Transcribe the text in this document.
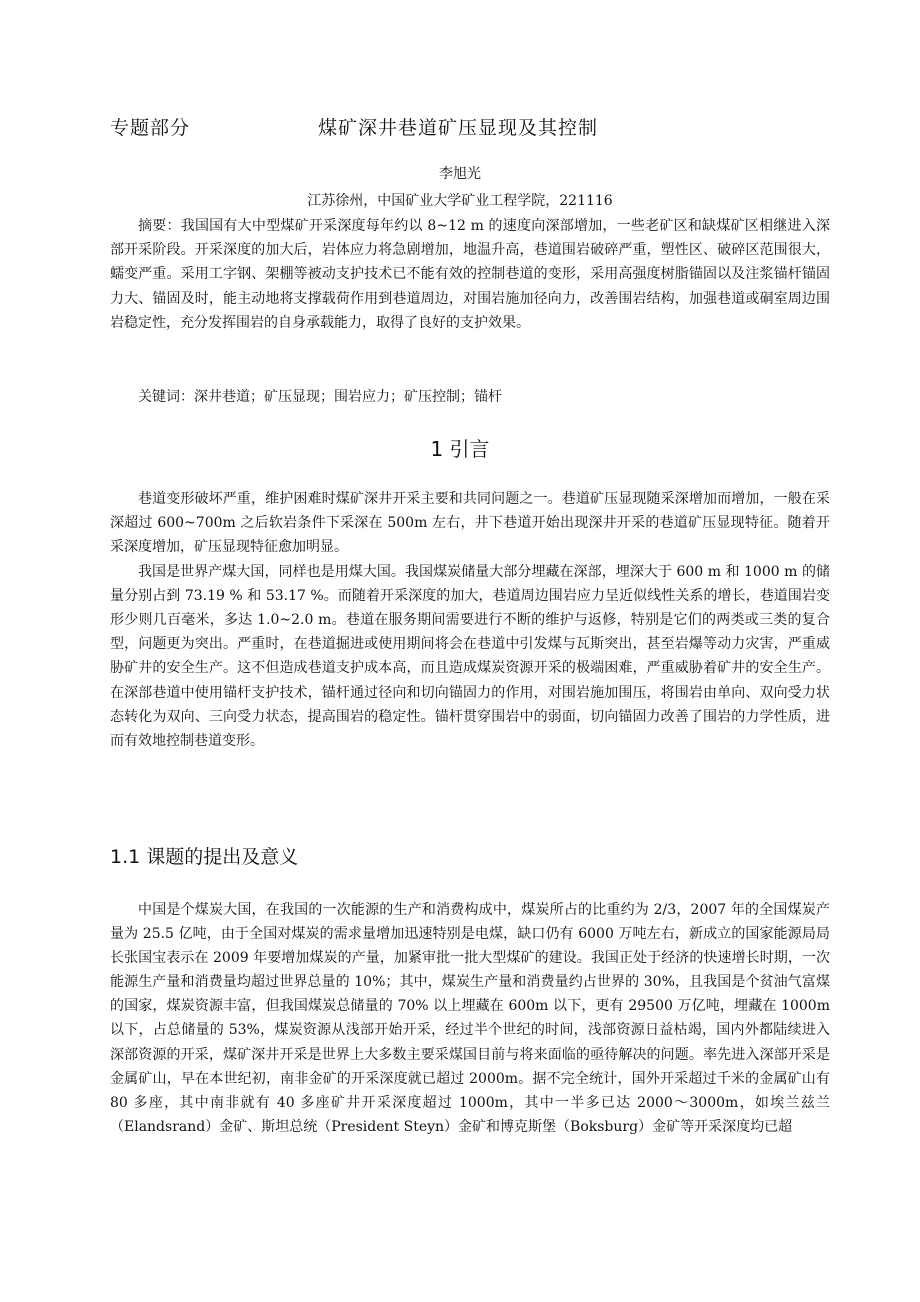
专题部分	煤矿深井巷道矿压显现及其控制
李旭光
江苏徐州，中国矿业大学矿业工程学院，221116

摘要：我国国有大中型煤矿开采深度每年约以 8~12 m 的速度向深部增加，一些老矿区和缺煤矿区相继进入深部开采阶段。开采深度的加大后，岩体应力将急剧增加，地温升高，巷道围岩破碎严重，塑性区、破碎区范围很大，蠕变严重。采用工字钢、架棚等被动支护技术已不能有效的控制巷道的变形，采用高强度树脂锚固以及注浆锚杆锚固力大、锚固及时，能主动地将支撑载荷作用到巷道周边，对围岩施加径向力，改善围岩结构，加强巷道或硐室周边围岩稳定性，充分发挥围岩的自身承载能力，取得了良好的支护效果。

关键词：深井巷道；矿压显现；围岩应力；矿压控制；锚杆
1 引言

巷道变形破坏严重，维护困难时煤矿深井开采主要和共同问题之一。巷道矿压显现随采深增加而增加，一般在采深超过 600~700m 之后软岩条件下采深在 500m 左右，井下巷道开始出现深井开采的巷道矿压显现特征。随着开采深度增加，矿压显现特征愈加明显。

我国是世界产煤大国，同样也是用煤大国。我国煤炭储量大部分埋藏在深部，埋深大于 600 m 和 1000 m 的储量分别占到 73.19 % 和 53.17 %。而随着开采深度的加大，巷道周边围岩应力呈近似线性关系的增长，巷道围岩变形少则几百毫米，多达 1.0~2.0 m。巷道在服务期间需要进行不断的维护与返修，特别是它们的两类或三类的复合型，问题更为突出。严重时，在巷道掘进或使用期间将会在巷道中引发煤与瓦斯突出，甚至岩爆等动力灾害，严重威胁矿井的安全生产。这不但造成巷道支护成本高，而且造成煤炭资源开采的极端困难，严重威胁着矿井的安全生产。在深部巷道中使用锚杆支护技术，锚杆通过径向和切向锚固力的作用，对围岩施加围压，将围岩由单向、双向受力状态转化为双向、三向受力状态，提高围岩的稳定性。锚杆贯穿围岩中的弱面，切向锚固力改善了围岩的力学性质，进而有效地控制巷道变形。

1.1 课题的提出及意义

中国是个煤炭大国，在我国的一次能源的生产和消费构成中，煤炭所占的比重约为 2/3，2007 年的全国煤炭产量为 25.5 亿吨，由于全国对煤炭的需求量增加迅速特别是电煤，缺口仍有 6000 万吨左右，新成立的国家能源局局长张国宝表示在 2009 年要增加煤炭的产量，加紧审批一批大型煤矿的建设。我国正处于经济的快速增长时期，一次能源生产量和消费量均超过世界总量的 10%；其中，煤炭生产量和消费量约占世界的 30%，且我国是个贫油气富煤的国家，煤炭资源丰富，但我国煤炭总储量的 70% 以上埋藏在 600m 以下，更有 29500 万亿吨，埋藏在 1000m 以下，占总储量的 53%，煤炭资源从浅部开始开采，经过半个世纪的时间，浅部资源日益枯竭，国内外都陆续进入深部资源的开采，煤矿深井开采是世界上大多数主要采煤国目前与将来面临的亟待解决的问题。率先进入深部开采是金属矿山，早在本世纪初，南非金矿的开采深度就已超过 2000m。据不完全统计，国外开采超过千米的金属矿山有 80 多座，其中南非就有 40 多座矿井开采深度超过 1000m，其中一半多已达 2000～3000m，如埃兰兹兰（Elandsrand）金矿、斯坦总统（President Steyn）金矿和博克斯堡（Boksburg）金矿等开采深度均已超
